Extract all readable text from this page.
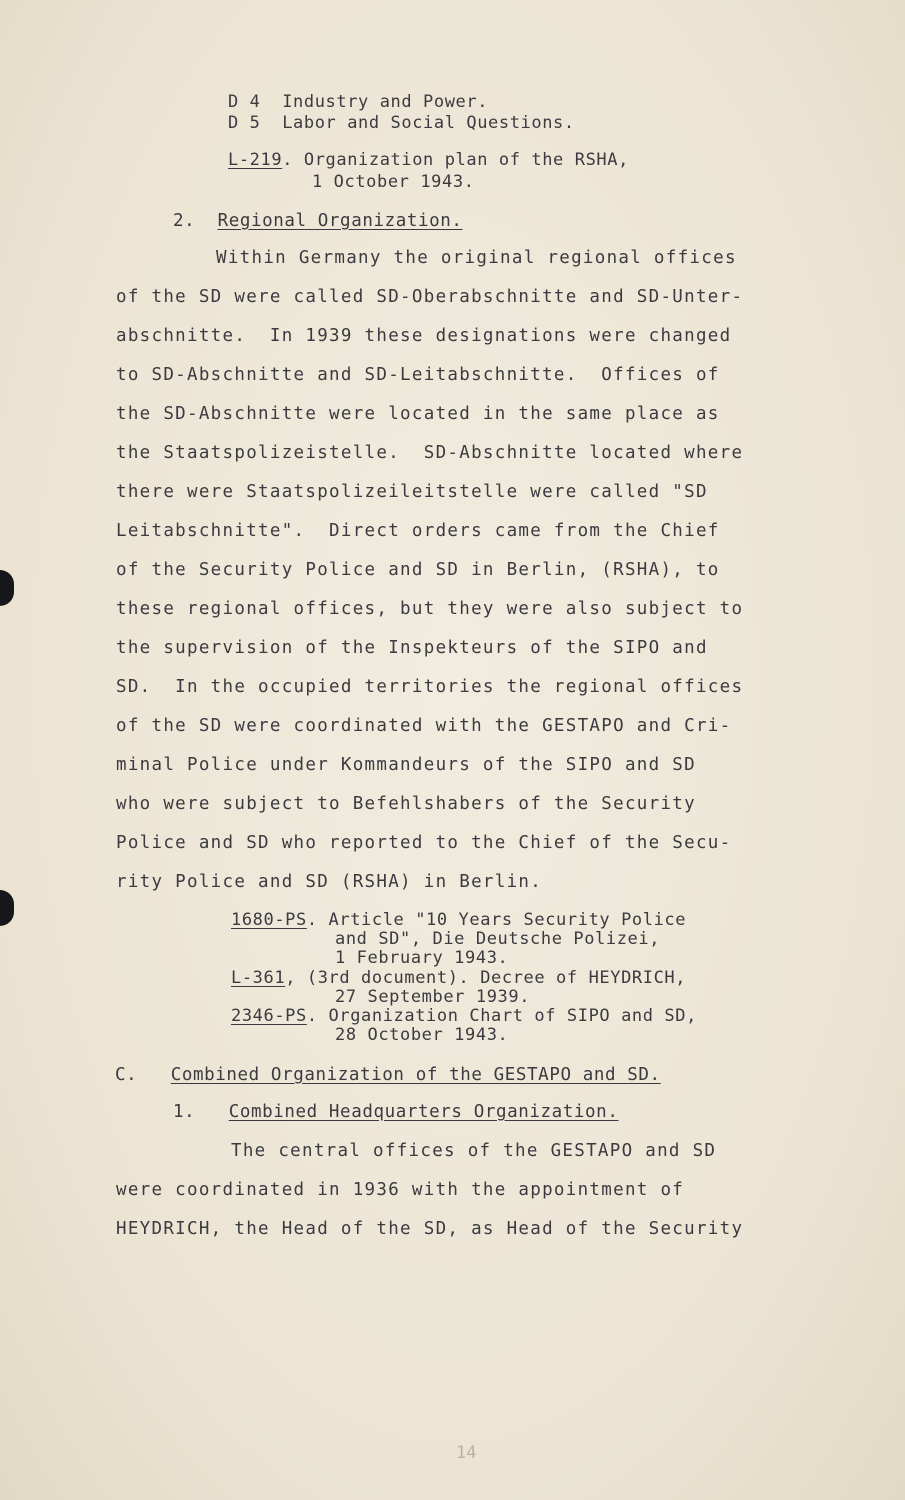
D 4 Industry and Power.
D 5 Labor and Social Questions.
L-219. Organization plan of the RSHA,
1 October 1943.
2. Regional Organization.
Within Germany the original regional offices
of the SD were called SD-Oberabschnitte and SD-Unter-
abschnitte.  In 1939 these designations were changed
to SD-Abschnitte and SD-Leitabschnitte.  Offices of
the SD-Abschnitte were located in the same place as
the Staatspolizeistelle.  SD-Abschnitte located where
there were Staatspolizeileitstelle were called "SD
Leitabschnitte".  Direct orders came from the Chief
of the Security Police and SD in Berlin, (RSHA), to
these regional offices, but they were also subject to
the supervision of the Inspekteurs of the SIPO and
SD.  In the occupied territories the regional offices
of the SD were coordinated with the GESTAPO and Cri-
minal Police under Kommandeurs of the SIPO and SD
who were subject to Befehlshabers of the Security
Police and SD who reported to the Chief of the Secu-
rity Police and SD (RSHA) in Berlin.
1680-PS. Article "10 Years Security Police
and SD", Die Deutsche Polizei,
1 February 1943.
L-361, (3rd document). Decree of HEYDRICH,
27 September 1939.
2346-PS. Organization Chart of SIPO and SD,
28 October 1943.
C. Combined Organization of the GESTAPO and SD.
1. Combined Headquarters Organization.
The central offices of the GESTAPO and SD
were coordinated in 1936 with the appointment of
HEYDRICH, the Head of the SD, as Head of the Security
14
